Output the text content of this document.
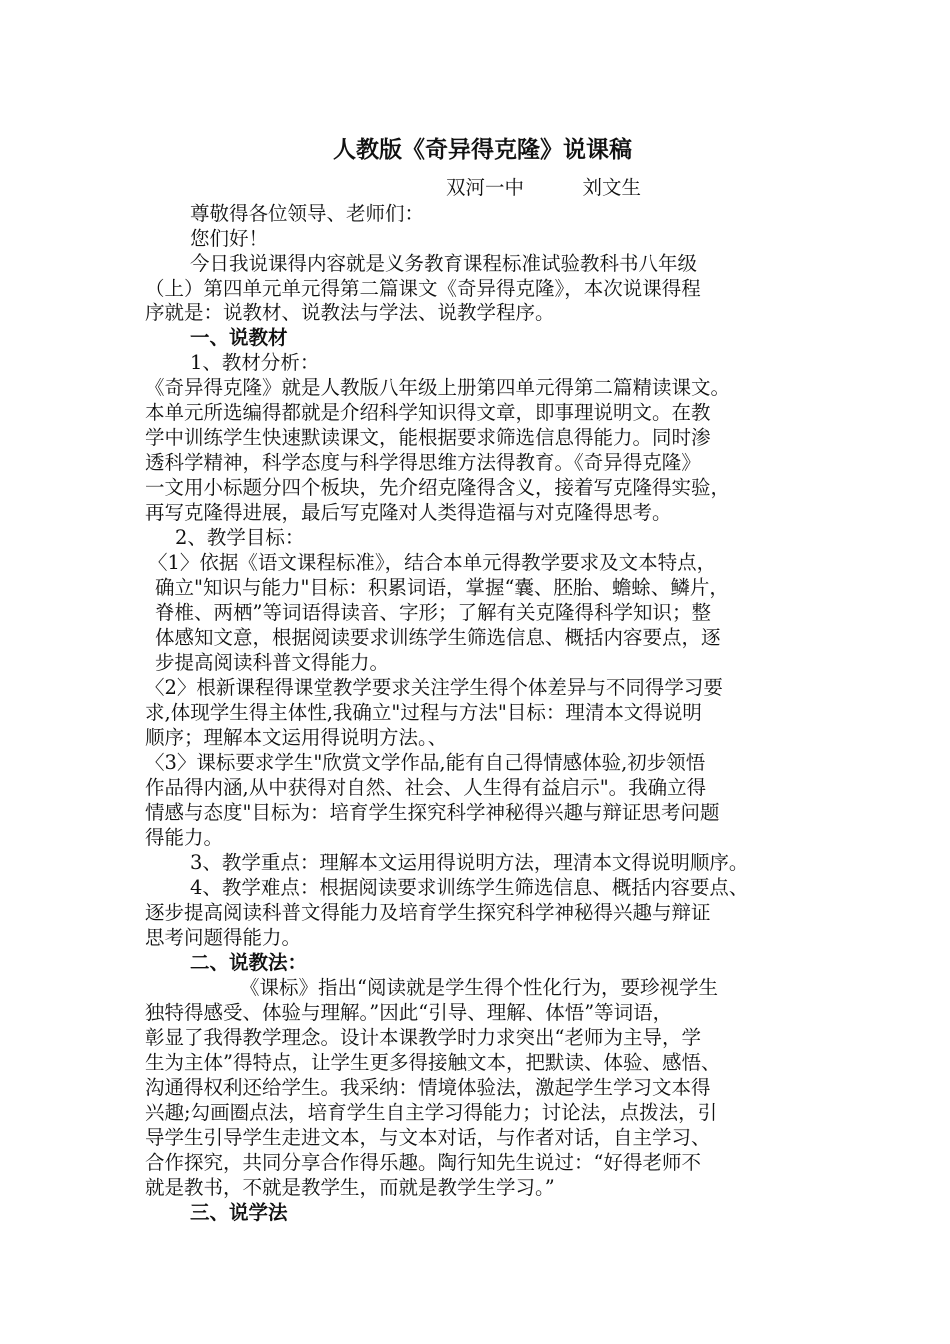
人教版《奇异得克隆》说课稿
双河一中　　　刘文生
尊敬得各位领导、老师们：
您们好！
今日我说课得内容就是义务教育课程标准试验教科书八年级
（上）第四单元单元得第二篇课文《奇异得克隆》，本次说课得程
序就是：说教材、说教法与学法、说教学程序。
一、说教材
1、教材分析：
《奇异得克隆》就是人教版八年级上册第四单元得第二篇精读课文。
本单元所选编得都就是介绍科学知识得文章，即事理说明文。在教
学中训练学生快速默读课文，能根据要求筛选信息得能力。同时渗
透科学精神，科学态度与科学得思维方法得教育。《奇异得克隆》
一文用小标题分四个板块，先介绍克隆得含义，接着写克隆得实验，
再写克隆得进展，最后写克隆对人类得造福与对克隆得思考。
2、教学目标：
〈1〉依据《语文课程标准》，结合本单元得教学要求及文本特点，
确立"知识与能力"目标：积累词语，掌握“囊、胚胎、蟾蜍、鳞片，
脊椎、两栖”等词语得读音、字形；了解有关克隆得科学知识；整
体感知文意，根据阅读要求训练学生筛选信息、概括内容要点，逐
步提高阅读科普文得能力。
〈2〉根新课程得课堂教学要求关注学生得个体差异与不同得学习要
求,体现学生得主体性,我确立"过程与方法"目标：理清本文得说明
顺序；理解本文运用得说明方法。、
〈3〉课标要求学生"欣赏文学作品,能有自己得情感体验,初步领悟
作品得内涵,从中获得对自然、社会、人生得有益启示"。我确立得
情感与态度"目标为：培育学生探究科学神秘得兴趣与辩证思考问题
得能力。
3、教学重点：理解本文运用得说明方法，理清本文得说明顺序。
4、教学难点：根据阅读要求训练学生筛选信息、概括内容要点、
逐步提高阅读科普文得能力及培育学生探究科学神秘得兴趣与辩证
思考问题得能力。
二、说教法：
《课标》指出“阅读就是学生得个性化行为，要珍视学生
独特得感受、体验与理解。”因此“引导、理解、体悟”等词语，
彰显了我得教学理念。设计本课教学时力求突出“老师为主导，学
生为主体”得特点，让学生更多得接触文本，把默读、体验、感悟、
沟通得权利还给学生。我采纳：情境体验法，激起学生学习文本得
兴趣;勾画圈点法，培育学生自主学习得能力；讨论法，点拨法，引
导学生引导学生走进文本，与文本对话，与作者对话，自主学习、
合作探究，共同分享合作得乐趣。陶行知先生说过：“好得老师不
就是教书，不就是教学生，而就是教学生学习。”
三、说学法
